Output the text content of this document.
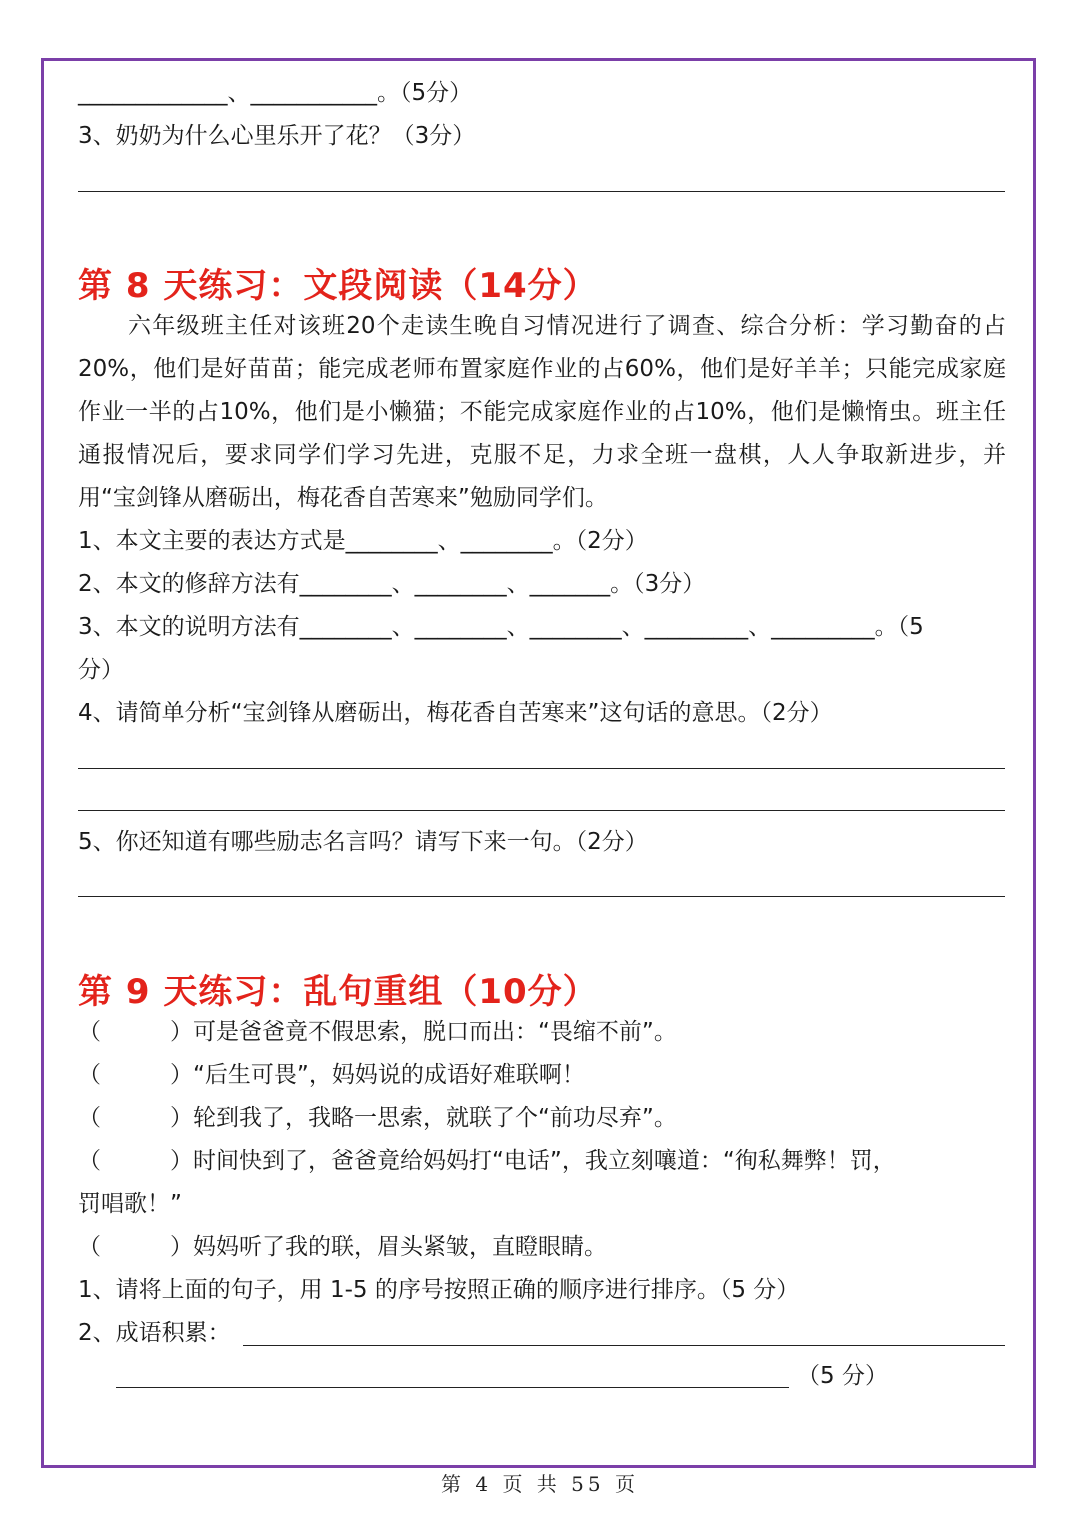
_____________、___________。（5分）
3、奶奶为什么心里乐开了花？（3分）
第 8 天练习：文段阅读（14分）
六年级班主任对该班20个走读生晚自习情况进行了调查、综合分析：学习勤奋的占20%，他们是好苗苗；能完成老师布置家庭作业的占60%，他们是好羊羊；只能完成家庭作业一半的占10%，他们是小懒猫；不能完成家庭作业的占10%，他们是懒惰虫。班主任通报情况后，要求同学们学习先进，克服不足，力求全班一盘棋，人人争取新进步，并用“宝剑锋从磨砺出，梅花香自苦寒来”勉励同学们。
1、本文主要的表达方式是________、________。（2分）
2、本文的修辞方法有________、________、_______。（3分）
3、本文的说明方法有________、________、________、_________、_________。（5
分）
4、请简单分析“宝剑锋从磨砺出，梅花香自苦寒来”这句话的意思。（2分）
5、你还知道有哪些励志名言吗？请写下来一句。（2分）
第 9 天练习：乱句重组（10分）
（　　　）可是爸爸竟不假思索，脱口而出：“畏缩不前”。
（　　　）“后生可畏”，妈妈说的成语好难联啊！
（　　　）轮到我了，我略一思索，就联了个“前功尽弃”。
（　　　）时间快到了，爸爸竟给妈妈打“电话”，我立刻嚷道：“徇私舞弊！罚，
罚唱歌！”
（　　　）妈妈听了我的联，眉头紧皱，直瞪眼睛。
1、请将上面的句子，用 1-5 的序号按照正确的顺序进行排序。（5 分）
2、成语积累：
（5 分）
第 4 页 共 55 页
